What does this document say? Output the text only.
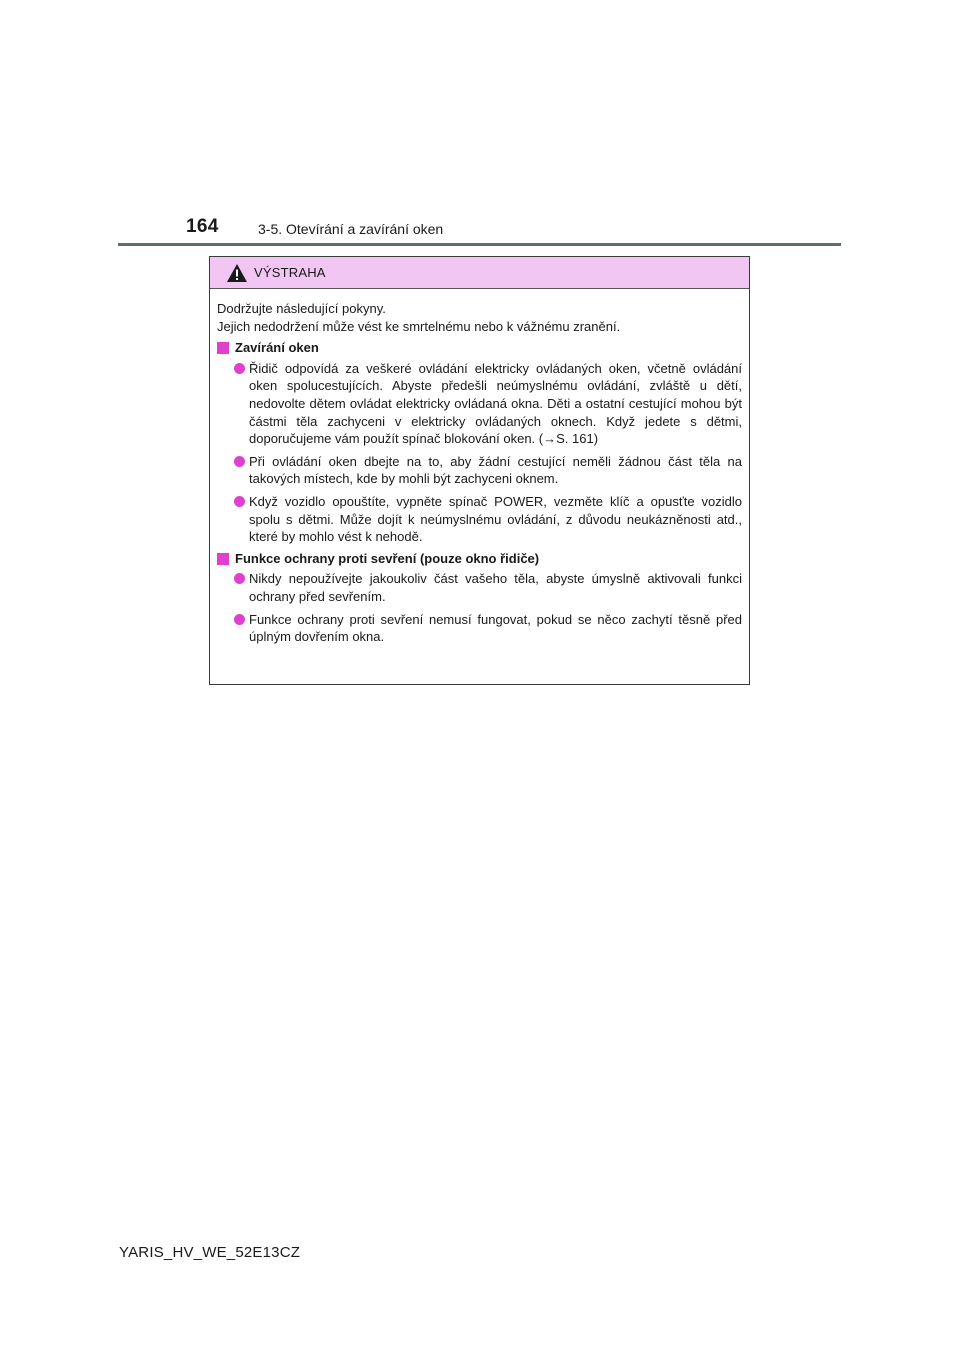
164	3-5. Otevírání a zavírání oken
VÝSTRAHA

Dodržujte následující pokyny.

Jejich nedodržení může vést ke smrtelnému nebo k vážnému zranění.

Zavírání oken
Řidič odpovídá za veškeré ovládání elektricky ovládaných oken, včetně ovládání oken spolucestujících. Abyste předešli neúmyslnému ovládání, zvláště u dětí, nedovolte dětem ovládat elektricky ovládaná okna. Děti a ostatní cestující mohou být částmi těla zachyceni v elektricky ovládaných oknech. Když jedete s dětmi, doporučujeme vám použít spínač blokování oken. (→S. 161)
Při ovládání oken dbejte na to, aby žádní cestující neměli žádnou část těla na takových místech, kde by mohli být zachyceni oknem.
Když vozidlo opouštíte, vypněte spínač POWER, vezměte klíč a opusťte vozidlo spolu s dětmi. Může dojít k neúmyslnému ovládání, z důvodu neukázněnosti atd., které by mohlo vést k nehodě.
Funkce ochrany proti sevření (pouze okno řidiče)
Nikdy nepoužívejte jakoukoliv část vašeho těla, abyste úmyslně aktivovali funkci ochrany před sevřením.
Funkce ochrany proti sevření nemusí fungovat, pokud se něco zachytí těsně před úplným dovřením okna.
YARIS_HV_WE_52E13CZ
